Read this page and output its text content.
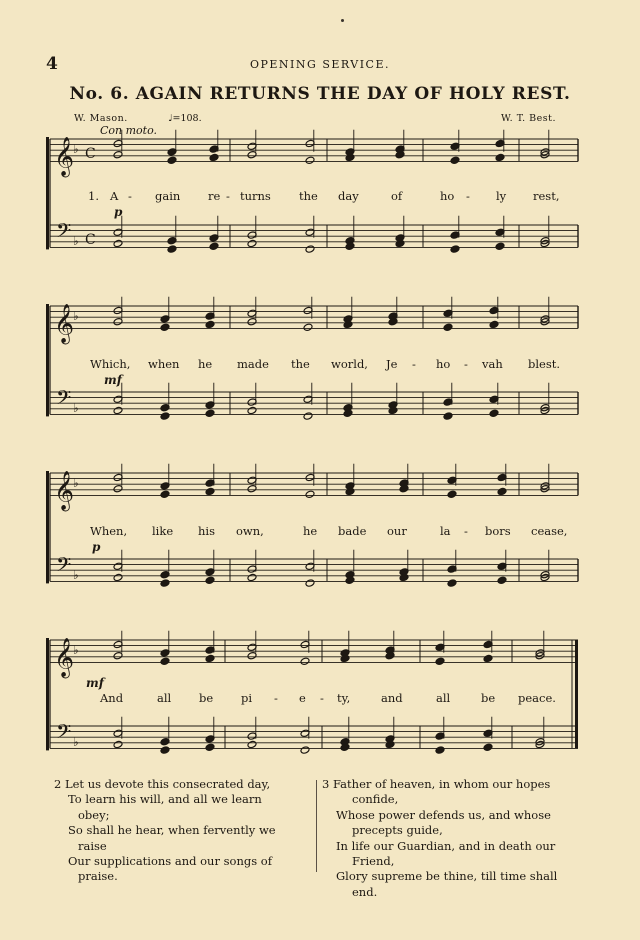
4	OPENING SERVICE.
No. 6. AGAIN RETURNS THE DAY OF HOLY REST.
W. Mason.	♩=108.	W. T. Best.
Con moto.
𝄞
𝄢
♭
♭
C
C
𝄞
𝄢
♭
♭
𝄞
𝄢
♭
♭
𝄞
𝄢
♭
♭
1.
p
A - gain re - turns the day	of	ho - ly rest,
mf
Which, when he made the world, Je - ho - vah blest.
p
When, like his own,	he bade our	la - bors cease,
mf
And	all be pi - e - ty,	and	all	be peace.
2 Let us devote this consecrated day,
To learn his will, and all we learn
obey;
So shall he hear, when fervently we
raise
Our supplications and our songs of
praise.
3 Father of heaven, in whom our hopes
confide,
Whose power defends us, and whose
precepts guide,
In life our Guardian, and in death our
Friend,
Glory supreme be thine, till time shall
end.
